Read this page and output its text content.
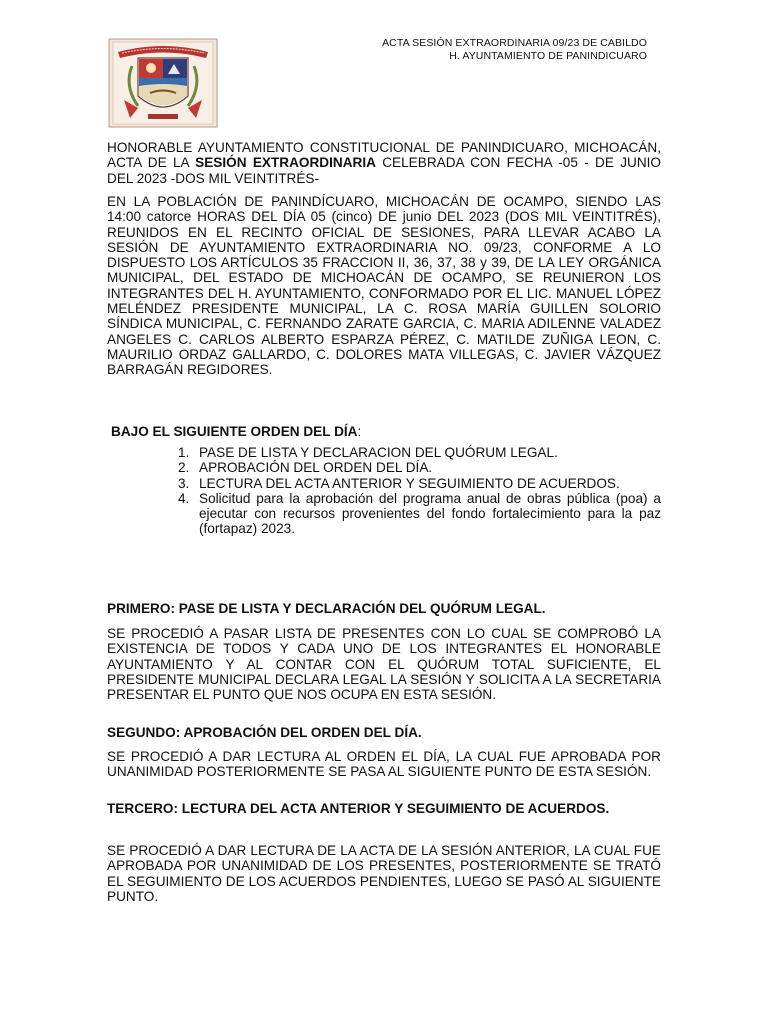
ACTA SESIÓN EXTRAORDINARIA 09/23 DE CABILDO
H. AYUNTAMIENTO DE PANINDICUARO
HONORABLE AYUNTAMIENTO CONSTITUCIONAL DE PANINDICUARO, MICHOACÁN, ACTA DE LA SESIÓN EXTRAORDINARIA CELEBRADA CON FECHA -05 - DE JUNIO DEL 2023 -DOS MIL VEINTITRÉS-
EN LA POBLACIÓN DE PANINDÍCUARO, MICHOACÁN DE OCAMPO, SIENDO LAS 14:00 catorce HORAS DEL DÍA 05 (cinco) DE junio DEL 2023 (DOS MIL VEINTITRÉS), REUNIDOS EN EL RECINTO OFICIAL DE SESIONES, PARA LLEVAR ACABO LA SESIÓN DE AYUNTAMIENTO EXTRAORDINARIA NO. 09/23, CONFORME A LO DISPUESTO LOS ARTÍCULOS 35 FRACCION II, 36, 37, 38 y 39, DE LA LEY ORGÁNICA MUNICIPAL, DEL ESTADO DE MICHOACÁN DE OCAMPO, SE REUNIERON LOS INTEGRANTES DEL H. AYUNTAMIENTO, CONFORMADO POR EL LIC. MANUEL LÓPEZ MELÉNDEZ PRESIDENTE MUNICIPAL, LA C. ROSA MARÍA GUILLEN SOLORIO SÍNDICA MUNICIPAL, C. FERNANDO ZARATE GARCIA, C. MARIA ADILENNE VALADEZ ANGELES C. CARLOS ALBERTO ESPARZA PÉREZ, C. MATILDE ZUÑIGA LEON, C. MAURILIO ORDAZ GALLARDO, C. DOLORES MATA VILLEGAS, C. JAVIER VÁZQUEZ BARRAGÁN REGIDORES.
BAJO EL SIGUIENTE ORDEN DEL DÍA:
1. PASE DE LISTA Y DECLARACION DEL QUÓRUM LEGAL.
2. APROBACIÓN DEL ORDEN DEL DÍA.
3. LECTURA DEL ACTA ANTERIOR Y SEGUIMIENTO DE ACUERDOS.
4. Solicitud para la aprobación del programa anual de obras pública (poa) a ejecutar con recursos provenientes del fondo fortalecimiento para la paz (fortapaz) 2023.
PRIMERO: PASE DE LISTA Y DECLARACIÓN DEL QUÓRUM LEGAL.
SE PROCEDIÓ A PASAR LISTA DE PRESENTES CON LO CUAL SE COMPROBÓ LA EXISTENCIA DE TODOS Y CADA UNO DE LOS INTEGRANTES EL HONORABLE AYUNTAMIENTO Y AL CONTAR CON EL QUÓRUM TOTAL SUFICIENTE, EL PRESIDENTE MUNICIPAL DECLARA LEGAL LA SESIÓN Y SOLICITA A LA SECRETARIA PRESENTAR EL PUNTO QUE NOS OCUPA EN ESTA SESIÓN.
SEGUNDO: APROBACIÓN DEL ORDEN DEL DÍA.
SE PROCEDIÓ A DAR LECTURA AL ORDEN EL DÍA, LA CUAL FUE APROBADA POR UNANIMIDAD POSTERIORMENTE SE PASA AL SIGUIENTE PUNTO DE ESTA SESIÓN.
TERCERO: LECTURA DEL ACTA ANTERIOR Y SEGUIMIENTO DE ACUERDOS.
SE PROCEDIÓ A DAR LECTURA DE LA ACTA DE LA SESIÓN ANTERIOR, LA CUAL FUE APROBADA POR UNANIMIDAD DE LOS PRESENTES, POSTERIORMENTE SE TRATÓ EL SEGUIMIENTO DE LOS ACUERDOS PENDIENTES, LUEGO SE PASÓ AL SIGUIENTE PUNTO.
